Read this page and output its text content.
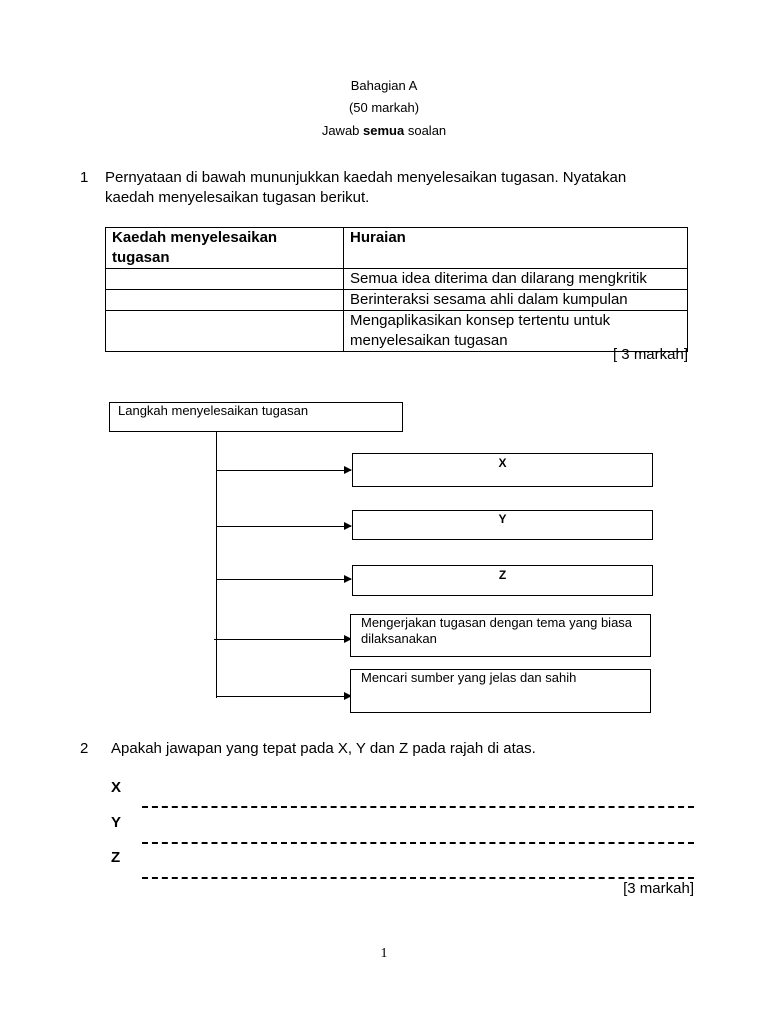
Bahagian A
(50 markah)
Jawab semua soalan
1 Pernyataan di bawah mununjukkan kaedah menyelesaikan tugasan. Nyatakan
kaedah menyelesaikan tugasan berikut.
Kaedah menyelesaikan tugasan	Huraian
	Semua idea diterima dan dilarang mengkritik
	Berinteraksi sesama ahli dalam kumpulan
	Mengaplikasikan konsep tertentu untuk menyelesaikan tugasan
[ 3 markah]
Langkah menyelesaikan tugasan
X
Y
Z
Mengerjakan tugasan dengan tema yang biasa dilaksanakan
Mencari sumber yang jelas dan sahih
2 Apakah jawapan yang tepat pada X, Y dan Z pada rajah di atas.
X
Y
Z
[3 markah]
1
